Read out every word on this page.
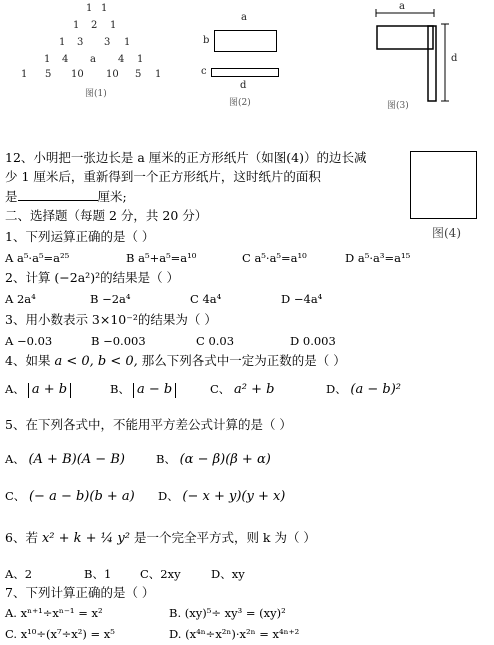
1 1
1 2 1
1 3 3 1
1 4 a 4 1
1 5 10 10 5 1
图(1)
a
b
c
d
图(2)
a
d
图(3)
图(4)
12、小明把一张边长是 a 厘米的正方形纸片（如图(4)）的边长减
少 1 厘米后，重新得到一个正方形纸片，这时纸片的面积
是	厘米;
二、选择题（每题 2 分，共 20 分）
1、下列运算正确的是（ ）
A a⁵·a⁵=a²⁵	B a⁵+a⁵=a¹⁰	C a⁵·a⁵=a¹⁰	D a⁵·a³=a¹⁵
2、计算 (−2a²)²的结果是（ ）
A 2a⁴	B −2a⁴	C 4a⁴	D −4a⁴
3、用小数表示 3×10⁻²的结果为（ ）
A −0.03	B −0.003	C 0.03	D 0.003
4、如果 a < 0, b < 0, 那么下列各式中一定为正数的是（ ）
A、 a + b	B、 a − b	C、 a² + b	D、 (a − b)²
5、在下列各式中，不能用平方差公式计算的是（ ）
A、 (A + B)(A − B)	B、 (α − β)(β + α)
C、 (− a − b)(b + a) D、 (− x + y)(y + x)
6、若 x² + k + ¼ y² 是一个完全平方式，则 k 为（ ）
A、2	B、1 C、2xy	D、xy
7、下列计算正确的是（ ）
A. xⁿ⁺¹÷xⁿ⁻¹ = x²	B. (xy)⁵÷ xy³ = (xy)²
C. x¹⁰÷(x⁷÷x²) = x⁵	D. (x⁴ⁿ÷x²ⁿ)·x²ⁿ = x⁴ⁿ⁺²
